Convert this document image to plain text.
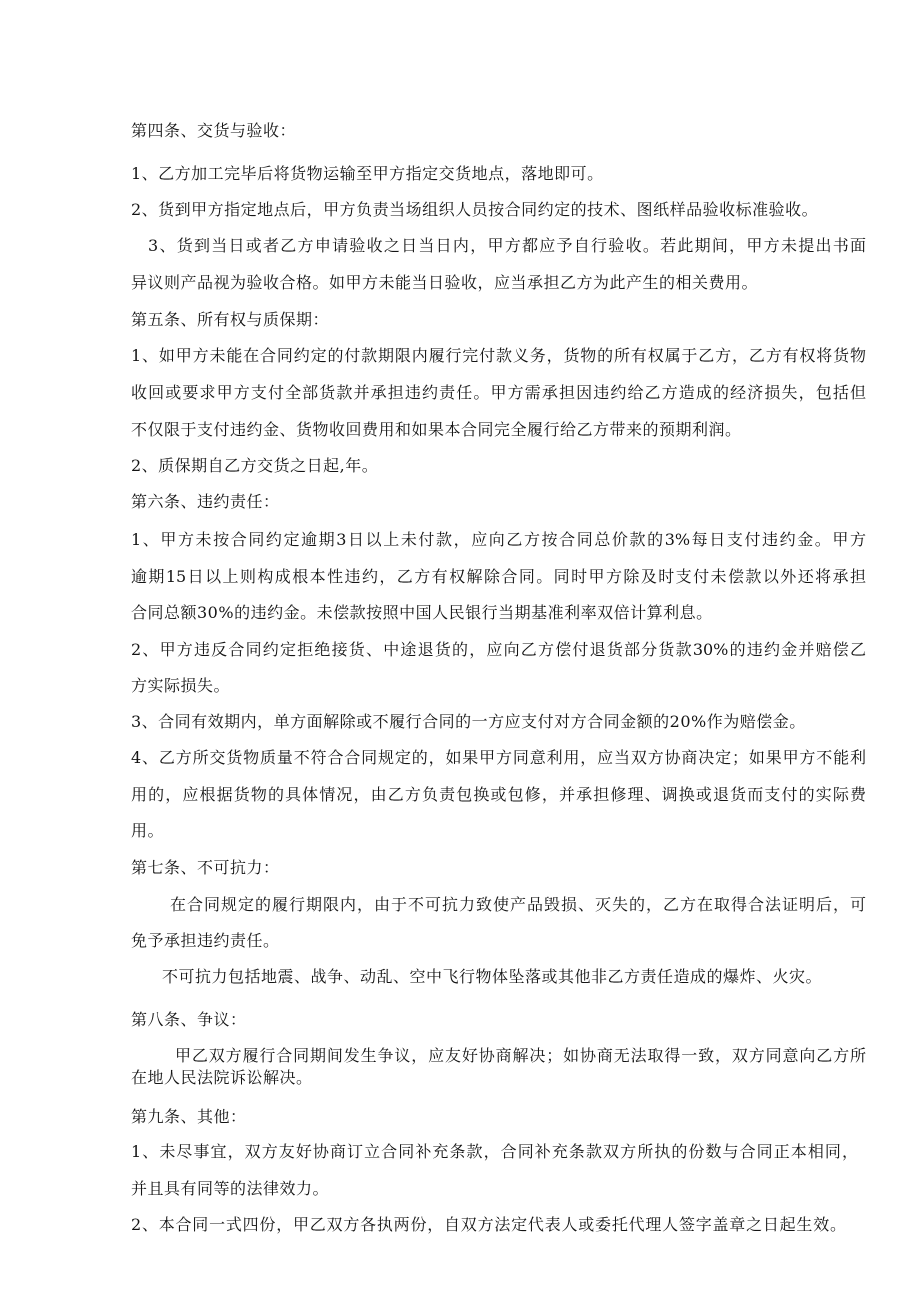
第四条、交货与验收：
1、乙方加工完毕后将货物运输至甲方指定交货地点，落地即可。
2、货到甲方指定地点后，甲方负责当场组织人员按合同约定的技术、图纸样品验收标准验收。
3、货到当日或者乙方申请验收之日当日内，甲方都应予自行验收。若此期间，甲方未提出书面
异议则产品视为验收合格。如甲方未能当日验收，应当承担乙方为此产生的相关费用。
第五条、所有权与质保期：
1、如甲方未能在合同约定的付款期限内履行完付款义务，货物的所有权属于乙方，乙方有权将货物
收回或要求甲方支付全部货款并承担违约责任。甲方需承担因违约给乙方造成的经济损失，包括但
不仅限于支付违约金、货物收回费用和如果本合同完全履行给乙方带来的预期利润。
2、质保期自乙方交货之日起,年。
第六条、违约责任：
1、甲方未按合同约定逾期3日以上未付款，应向乙方按合同总价款的3%每日支付违约金。甲方
逾期15日以上则构成根本性违约，乙方有权解除合同。同时甲方除及时支付未偿款以外还将承担
合同总额30%的违约金。未偿款按照中国人民银行当期基准利率双倍计算利息。
2、甲方违反合同约定拒绝接货、中途退货的，应向乙方偿付退货部分货款30%的违约金并赔偿乙
方实际损失。
3、合同有效期内，单方面解除或不履行合同的一方应支付对方合同金额的20%作为赔偿金。
4、乙方所交货物质量不符合合同规定的，如果甲方同意利用，应当双方协商决定；如果甲方不能利
用的，应根据货物的具体情况，由乙方负责包换或包修，并承担修理、调换或退货而支付的实际费
用。
第七条、不可抗力：
在合同规定的履行期限内，由于不可抗力致使产品毁损、灭失的，乙方在取得合法证明后，可
免予承担违约责任。
不可抗力包括地震、战争、动乱、空中飞行物体坠落或其他非乙方责任造成的爆炸、火灾。
第八条、争议：
甲乙双方履行合同期间发生争议，应友好协商解决；如协商无法取得一致，双方同意向乙方所
在地人民法院诉讼解决。
第九条、其他：
1、未尽事宜，双方友好协商订立合同补充条款，合同补充条款双方所执的份数与合同正本相同，
并且具有同等的法律效力。
2、本合同一式四份，甲乙双方各执两份，自双方法定代表人或委托代理人签字盖章之日起生效。
